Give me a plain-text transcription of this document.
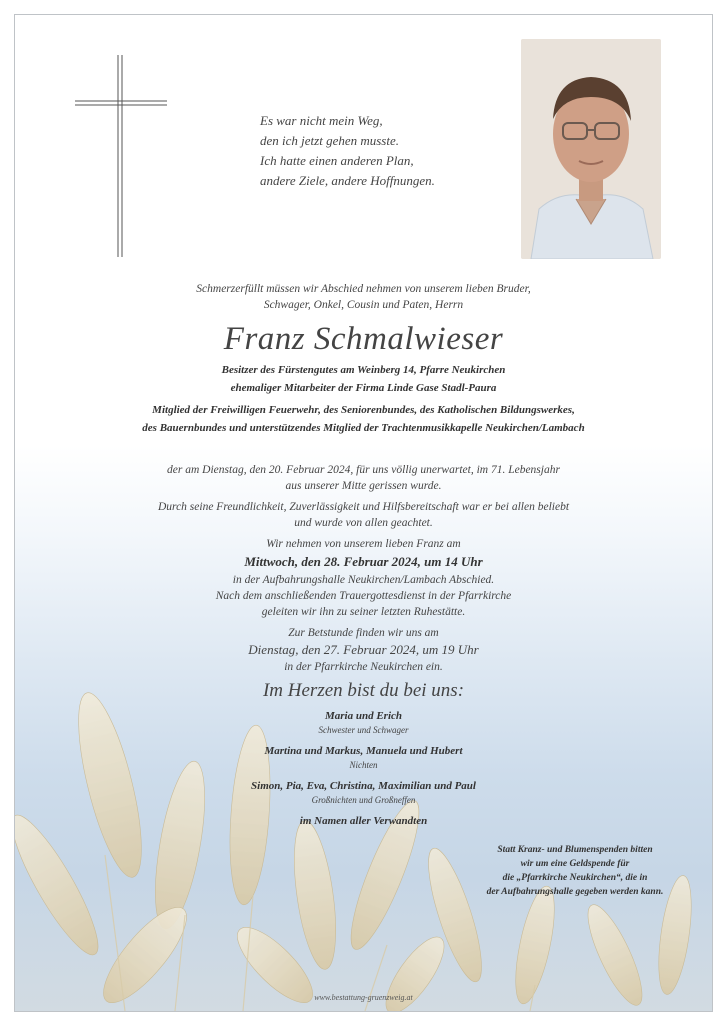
Es war nicht mein Weg,
den ich jetzt gehen musste.
Ich hatte einen anderen Plan,
andere Ziele, andere Hoffnungen.
Schmerzerfüllt müssen wir Abschied nehmen von unserem lieben Bruder,
Schwager, Onkel, Cousin und Paten, Herrn
Franz Schmalwieser
Besitzer des Fürstengutes am Weinberg 14, Pfarre Neukirchen
ehemaliger Mitarbeiter der Firma Linde Gase Stadl-Paura
Mitglied der Freiwilligen Feuerwehr, des Seniorenbundes, des Katholischen Bildungswerkes,
des Bauernbundes und unterstützendes Mitglied der Trachtenmusikkapelle Neukirchen/Lambach
der am Dienstag, den 20. Februar 2024, für uns völlig unerwartet, im 71. Lebensjahr
aus unserer Mitte gerissen wurde.
Durch seine Freundlichkeit, Zuverlässigkeit und Hilfsbereitschaft war er bei allen beliebt
und wurde von allen geachtet.
Wir nehmen von unserem lieben Franz am
Mittwoch, den 28. Februar 2024, um 14 Uhr
in der Aufbahrungshalle Neukirchen/Lambach Abschied.
Nach dem anschließenden Trauergottesdienst in der Pfarrkirche
geleiten wir ihn zu seiner letzten Ruhestätte.
Zur Betstunde finden wir uns am
Dienstag, den 27. Februar 2024, um 19 Uhr
in der Pfarrkirche Neukirchen ein.
Im Herzen bist du bei uns:
Maria und Erich
Schwester und Schwager
Martina und Markus, Manuela und Hubert
Nichten
Simon, Pia, Eva, Christina, Maximilian und Paul
Großnichten und Großneffen
im Namen aller Verwandten
Statt Kranz- und Blumenspenden bitten
wir um eine Geldspende für
die „Pfarrkirche Neukirchen“, die in
der Aufbahrungshalle gegeben werden kann.
www.bestattung-gruenzweig.at
